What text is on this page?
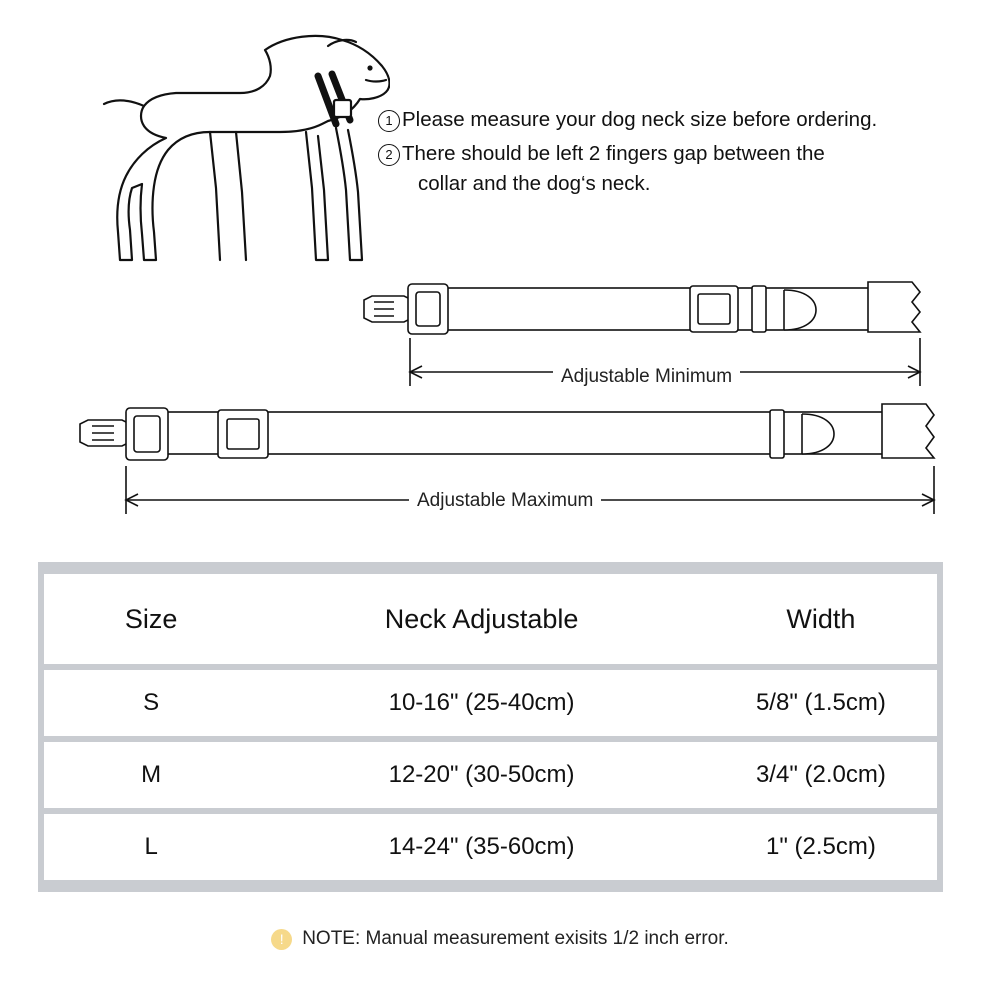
1 Please measure your dog neck size before ordering.
2 There should be left 2 fingers gap between the
collar and the dog‘s neck.
Adjustable Minimum
Adjustable Maximum
Size	Neck Adjustable	Width
S	10-16" (25-40cm)	5/8" (1.5cm)
M	12-20" (30-50cm)	3/4" (2.0cm)
L	14-24" (35-60cm)	1" (2.5cm)
! NOTE: Manual measurement exisits 1/2 inch error.
